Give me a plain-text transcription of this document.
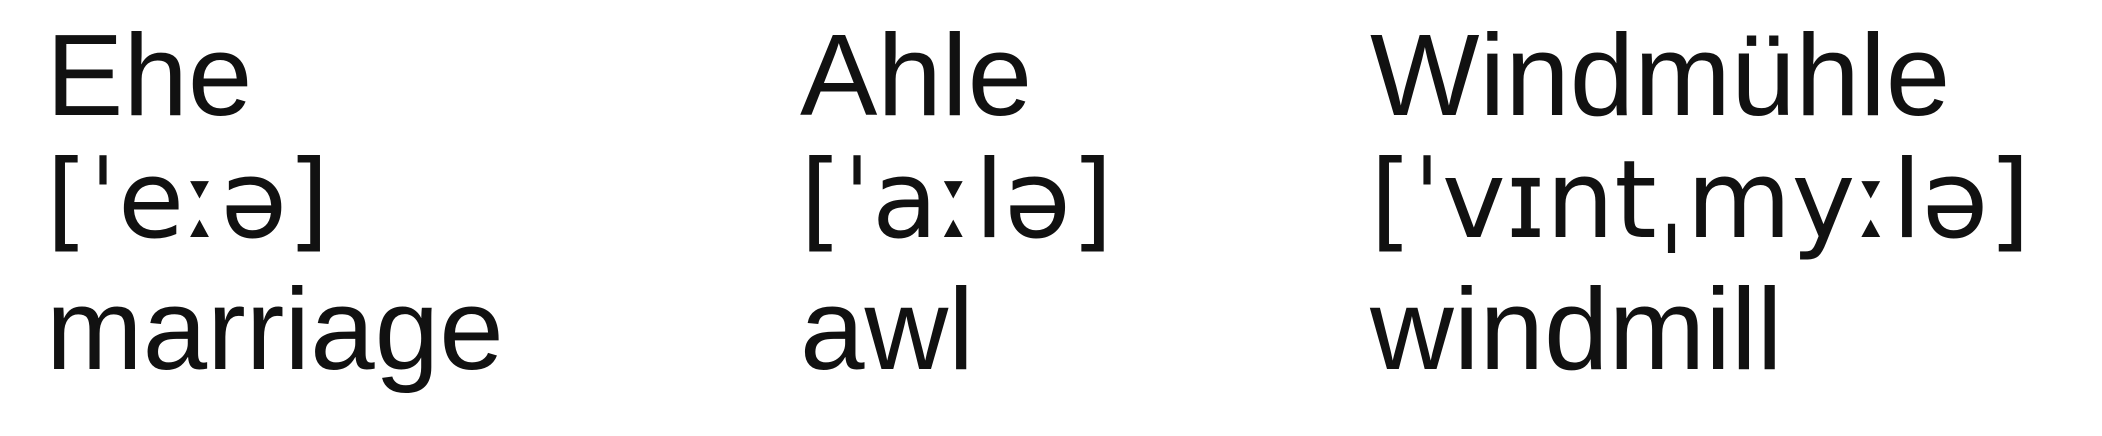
Ehe
[ˈeːə]
marriage
Ahle
[ˈaːlə]
awl
Windmühle
[ˈvɪntˌmyːlə]
windmill
